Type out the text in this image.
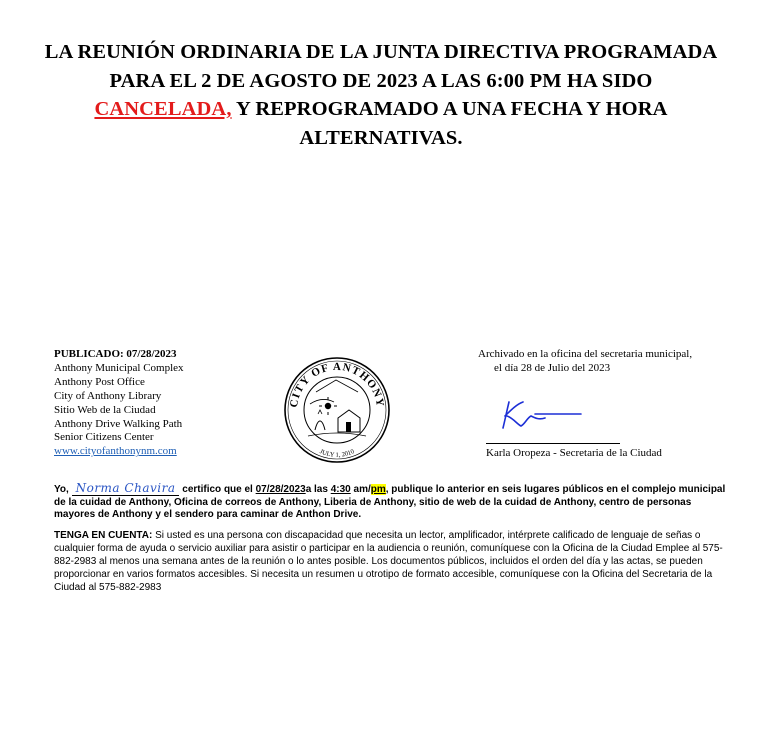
LA REUNIÓN ORDINARIA DE LA JUNTA DIRECTIVA PROGRAMADA
PARA EL 2 DE AGOSTO DE 2023 A LAS 6:00 PM HA SIDO
CANCELADA, Y REPROGRAMADO A UNA FECHA Y HORA
ALTERNATIVAS.
PUBLICADO: 07/28/2023
Anthony Municipal Complex
Anthony Post Office
City of Anthony Library
Sitio Web de la Ciudad
Anthony Drive Walking Path
Senior Citizens Center
www.cityofanthonynm.com
CITY OF ANTHONY
JULY 1, 2010
Archivado en la oficina del secretaria municipal,
el día 28 de Julio del 2023
Karla Oropeza - Secretaria de la Ciudad
Yo, Norma Chavira certifico que el 07/28/2023a las 4:30 am/pm, publique lo anterior en seis lugares públicos en el complejo municipal de la cuidad de Anthony, Oficina de correos de Anthony, Liberia de Anthony, sitio de web de la cuidad de Anthony, centro de personas mayores de Anthony y el sendero para caminar de Anthon Drive.
TENGA EN CUENTA: Si usted es una persona con discapacidad que necesita un lector, amplificador, intérprete calificado de lenguaje de señas o cualquier forma de ayuda o servicio auxiliar para asistir o participar en la audiencia o reunión, comuníquese con la Oficina de la Ciudad Emplee al 575-882-2983 al menos una semana antes de la reunión o lo antes posible. Los documentos públicos, incluidos el orden del día y las actas, se pueden proporcionar en varios formatos accesibles. Si necesita un resumen u otrotipo de formato accesible, comuníquese con la Oficina del Secretaria de la Ciudad al 575-882-2983
